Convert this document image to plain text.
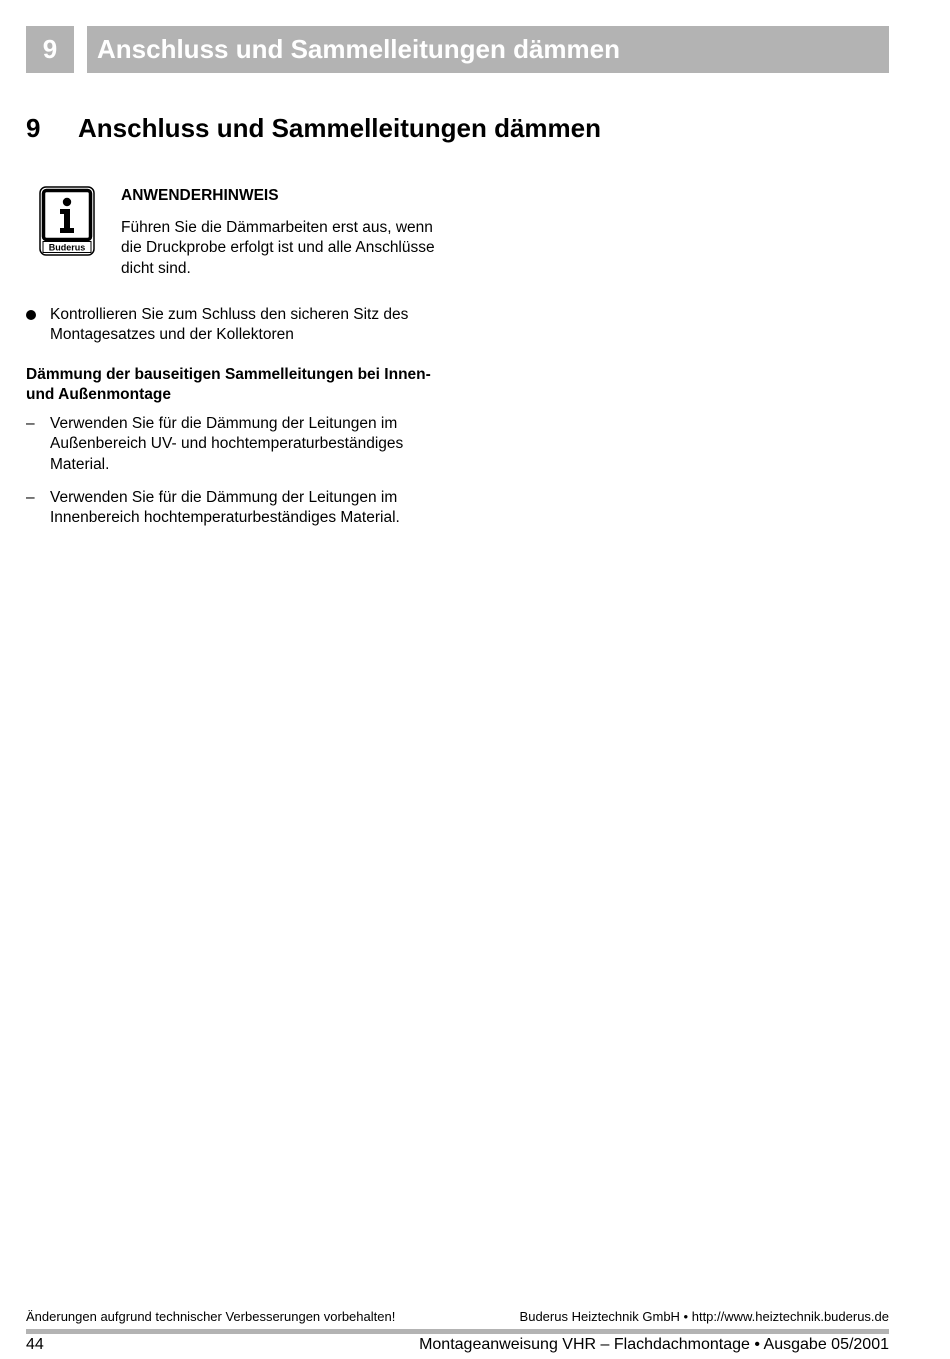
9	Anschluss und Sammelleitungen dämmen
9 Anschluss und Sammelleitungen dämmen
Buderus
ANWENDERHINWEIS
Führen Sie die Dämmarbeiten erst aus, wenn die Druckprobe erfolgt ist und alle Anschlüsse dicht sind.
Kontrollieren Sie zum Schluss den sicheren Sitz des Montagesatzes und der Kollektoren
Dämmung der bauseitigen Sammelleitungen bei Innen- und Außenmontage
– Verwenden Sie für die Dämmung der Leitungen im Außenbereich UV- und hochtemperaturbeständiges Material.
– Verwenden Sie für die Dämmung der Leitungen im Innenbereich hochtemperaturbeständiges Material.
Änderungen aufgrund technischer Verbesserungen vorbehalten!	Buderus Heiztechnik GmbH • http://www.heiztechnik.buderus.de
44	Montageanweisung VHR – Flachdachmontage • Ausgabe 05/2001
